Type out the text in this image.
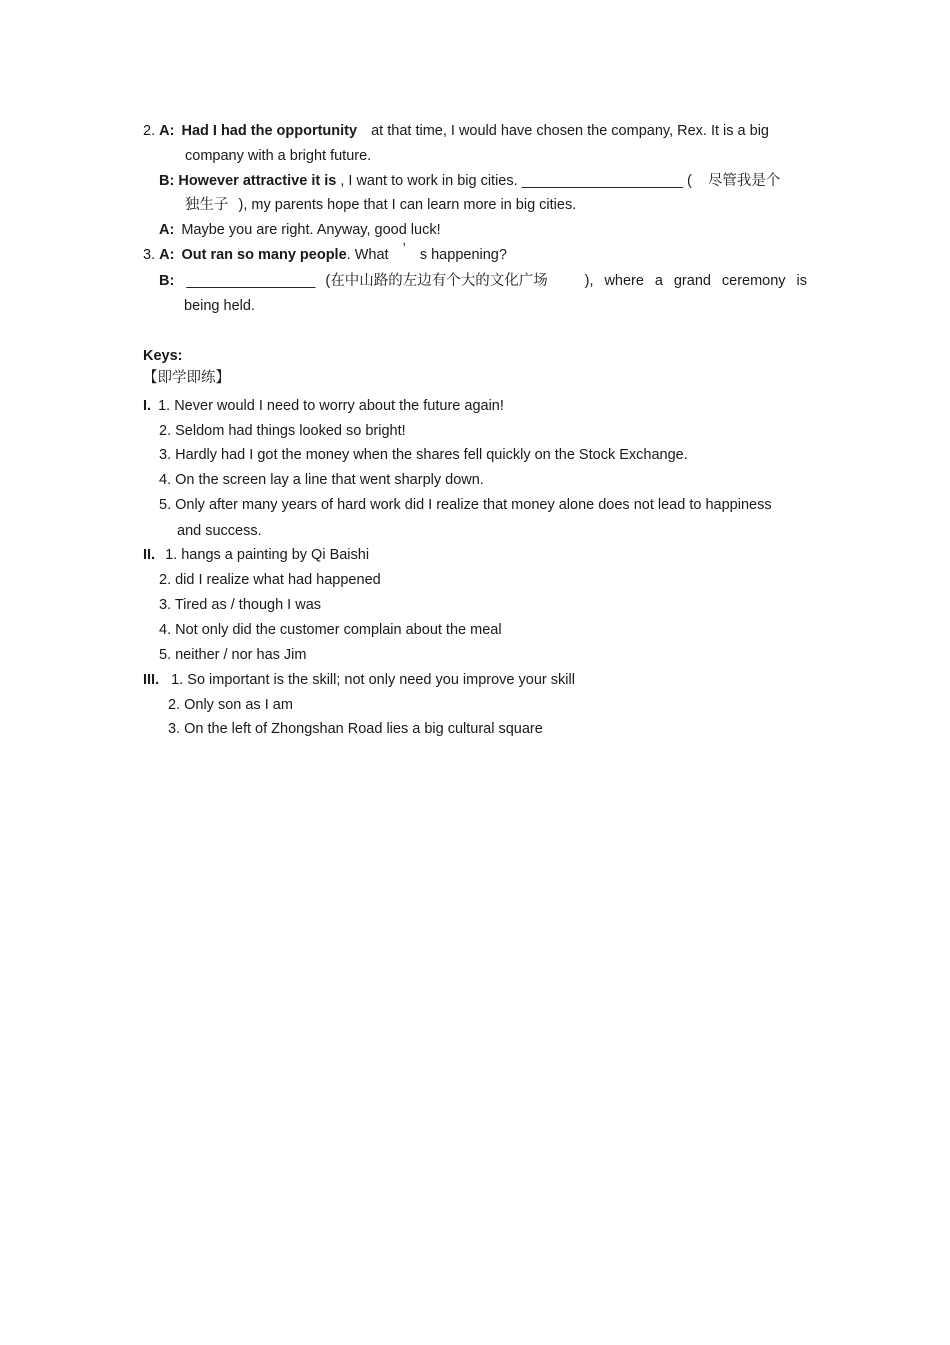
2. A: Had I had the opportunity at that time, I would have chosen the company, Rex. It is a big
company with a bright future.
B: However attractive it is , I want to work in big cities. ____________________ ( 尽管我是个
独生子 ), my parents hope that I can learn more in big cities.
A: Maybe you are right. Anyway, good luck!
3. A: Out ran so many people. What ’ s happening?
B: ________________ (在中山路的左边有个大的文化广场	), where a grand ceremony is
being held.
Keys:
【即学即练】
I. 1. Never would I need to worry about the future again!
2. Seldom had things looked so bright!
3. Hardly had I got the money when the shares fell quickly on the Stock Exchange.
4. On the screen lay a line that went sharply down.
5. Only after many years of hard work did I realize that money alone does not lead to happiness
and success.
II. 1. hangs a painting by Qi Baishi
2. did I realize what had happened
3. Tired as / though I was
4. Not only did the customer complain about the meal
5. neither / nor has Jim
III. 1. So important is the skill; not only need you improve your skill
2. Only son as I am
3. On the left of Zhongshan Road lies a big cultural square
